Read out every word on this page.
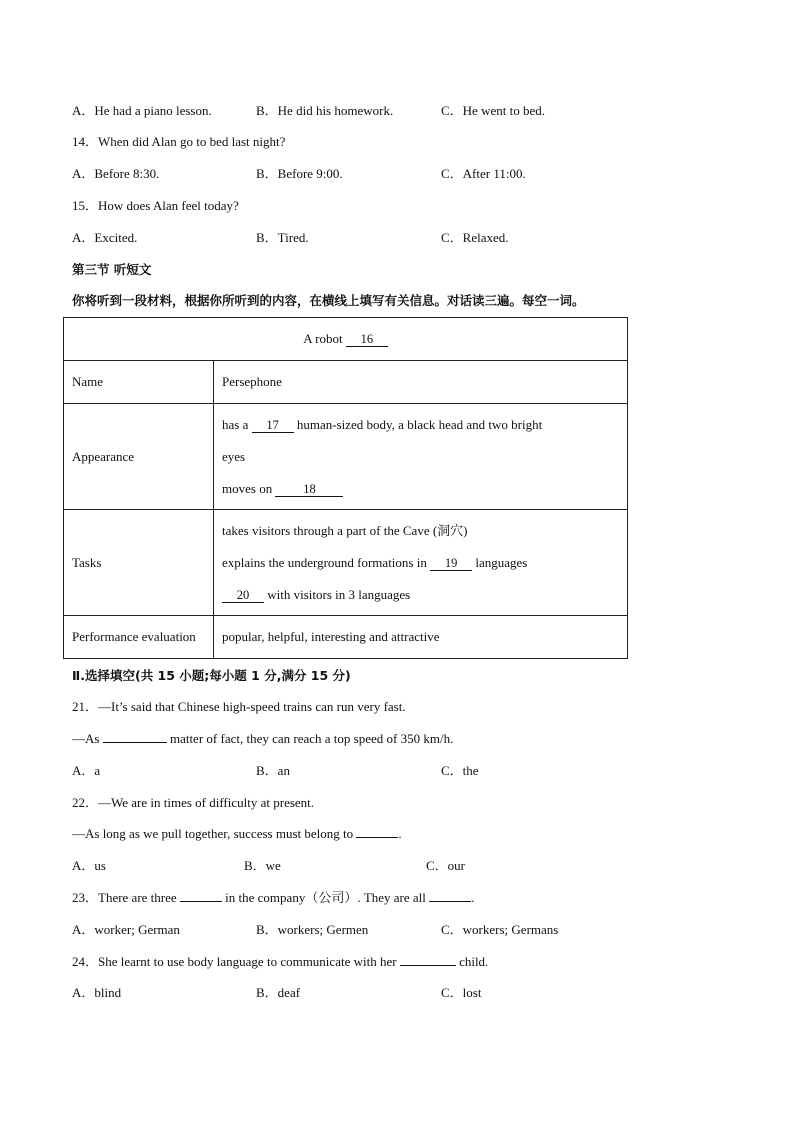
A．He had a piano lesson.	B．He did his homework.	C．He went to bed.
14．When did Alan go to bed last night?
A．Before 8:30.	B．Before 9:00.	C．After 11:00.
15．How does Alan feel today?
A．Excited.	B．Tired.	C．Relaxed.
第三节 听短文
你将听到一段材料，根据你所听到的内容，在横线上填写有关信息。对话读三遍。每空一词。
A robot 16	
Name	Persephone
Appearance	has a 17 human-sized body, a black head and two bright
eyes
moves on 18

Tasks	takes visitors through a part of the Cave (洞穴)
explains the underground formations in 19 languages
20 with visitors in 3 languages

Performance evaluation	popular, helpful, interesting and attractive
Ⅱ.选择填空(共 15 小题;每小题 1 分,满分 15 分)
21．—It’s said that Chinese high-speed trains can run very fast.
—As	matter of fact, they can reach a top speed of 350 km/h.
A．a	B．an	C．the
22．—We are in times of difficulty at present.
—As long as we pull together, success must belong to	.
A．us	B．we	C．our
23．There are three	in the company（公司）. They are all	.
A．worker; German	B．workers; Germen	C．workers; Germans
24．She learnt to use body language to communicate with her	child.
A．blind	B．deaf	C．lost
